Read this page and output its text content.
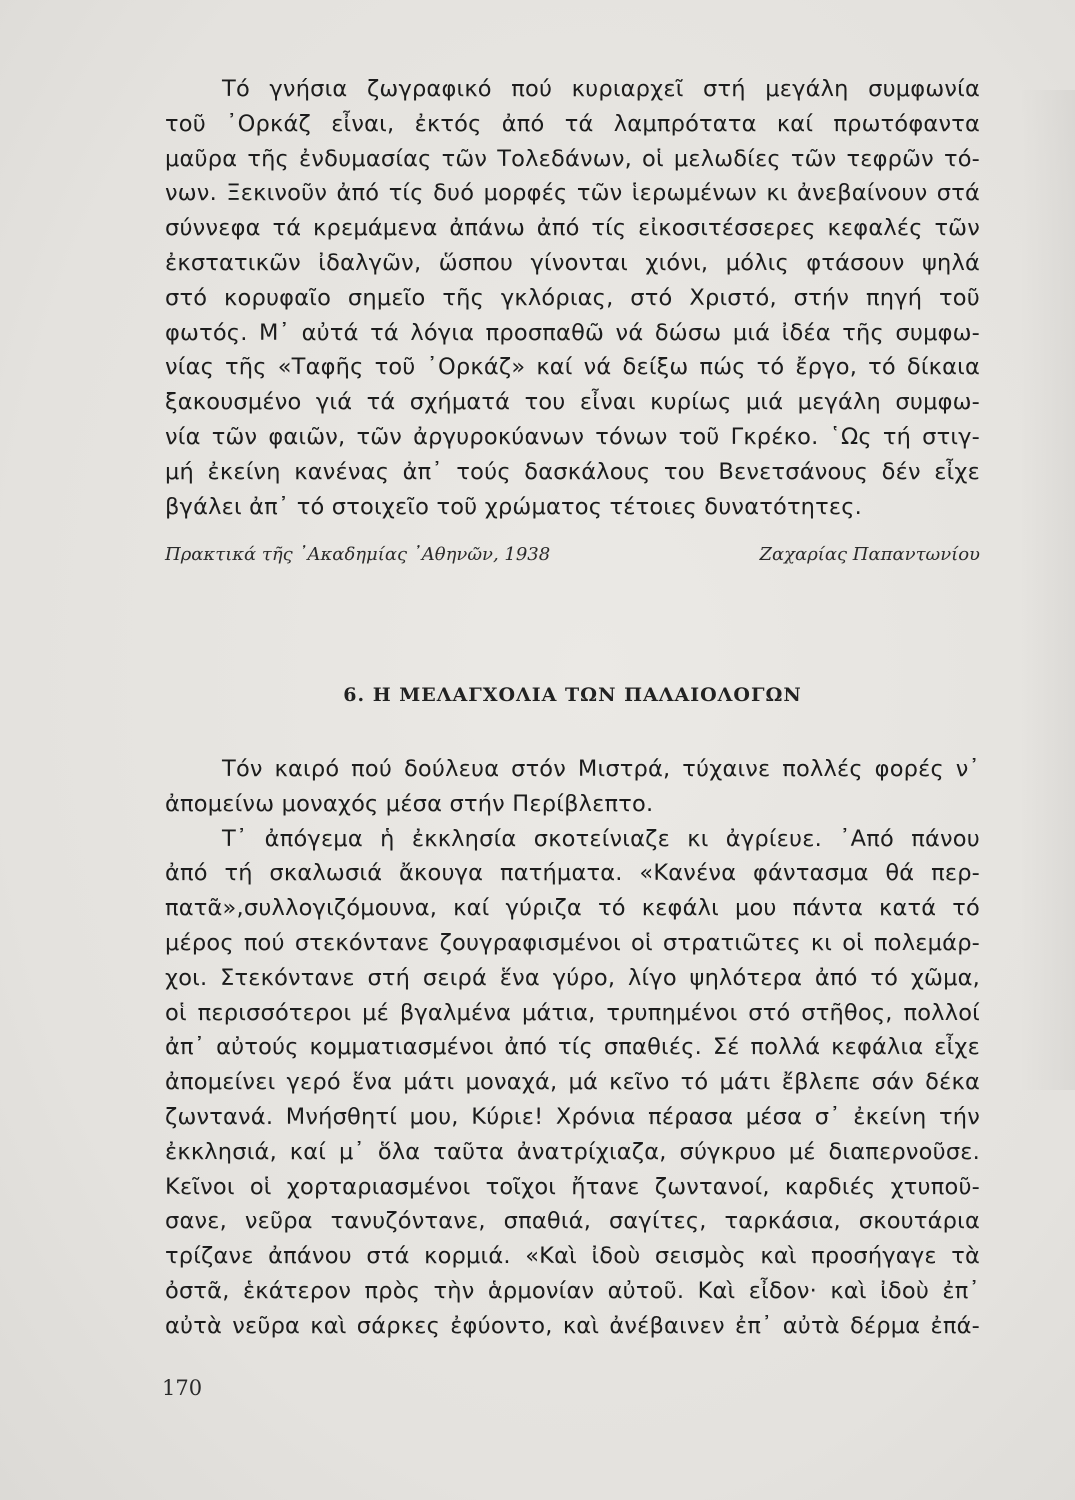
Τό γνήσια ζωγραφικό πού κυριαρχεῖ στή μεγάλη συμφωνία
τοῦ ᾿Ορκάζ εἶναι, ἐκτός ἀπό τά λαμπρότατα καί πρωτόφαντα
μαῦρα τῆς ἐνδυμασίας τῶν Τολεδάνων, οἱ μελωδίες τῶν τεφρῶν τό-
νων. Ξεκινοῦν ἀπό τίς δυό μορφές τῶν ἱερωμένων κι ἀνεβαίνουν στά
σύννεφα τά κρεμάμενα ἀπάνω ἀπό τίς εἰκοσιτέσσερες κεφαλές τῶν
ἐκστατικῶν ἰδαλγῶν, ὥσπου γίνονται χιόνι, μόλις φτάσουν ψηλά
στό κορυφαῖο σημεῖο τῆς γκλόριας, στό Χριστό, στήν πηγή τοῦ
φωτός. Μ᾿ αὐτά τά λόγια προσπαθῶ νά δώσω μιά ἰδέα τῆς συμφω-
νίας τῆς «Ταφῆς τοῦ ᾿Ορκάζ» καί νά δείξω πώς τό ἔργο, τό δίκαια
ξακουσμένο γιά τά σχήματά του εἶναι κυρίως μιά μεγάλη συμφω-
νία τῶν φαιῶν, τῶν ἀργυροκύανων τόνων τοῦ Γκρέκο. ῾Ως τή στιγ-
μή ἐκείνη κανένας ἀπ᾿ τούς δασκάλους του Βενετσάνους δέν εἶχε
βγάλει ἀπ᾿ τό στοιχεῖο τοῦ χρώματος τέτοιες δυνατότητες.
Πρακτικά τῆς ᾿Ακαδημίας ᾿Αθηνῶν, 1938	Ζαχαρίας Παπαντωνίου
6. Η ΜΕΛΑΓΧΟΛΙΑ ΤΩΝ ΠΑΛΑΙΟΛΟΓΩΝ
Τόν καιρό πού δούλευα στόν Μιστρά, τύχαινε πολλές φορές ν᾿
ἀπομείνω μοναχός μέσα στήν Περίβλεπτο.
Τ᾿ ἀπόγεμα ἡ ἐκκλησία σκοτείνιαζε κι ἀγρίευε. ᾿Από πάνου
ἀπό τή σκαλωσιά ἄκουγα πατήματα. «Κανένα φάντασμα θά περ-
πατᾶ»,συλλογιζόμουνα, καί γύριζα τό κεφάλι μου πάντα κατά τό
μέρος πού στεκόντανε ζουγραφισμένοι οἱ στρατιῶτες κι οἱ πολεμάρ-
χοι. Στεκόντανε στή σειρά ἕνα γύρο, λίγο ψηλότερα ἀπό τό χῶμα,
οἱ περισσότεροι μέ βγαλμένα μάτια, τρυπημένοι στό στῆθος, πολλοί
ἀπ᾿ αὐτούς κομματιασμένοι ἀπό τίς σπαθιές. Σέ πολλά κεφάλια εἶχε
ἀπομείνει γερό ἕνα μάτι μοναχά, μά κεῖνο τό μάτι ἔβλεπε σάν δέκα
ζωντανά. Μνήσθητί μου, Κύριε! Χρόνια πέρασα μέσα σ᾿ ἐκείνη τήν
ἐκκλησιά, καί μ᾿ ὅλα ταῦτα ἀνατρίχιαζα, σύγκρυο μέ διαπερνοῦσε.
Κεῖνοι οἱ χορταριασμένοι τοῖχοι ἤτανε ζωντανοί, καρδιές χτυποῦ-
σανε, νεῦρα τανυζόντανε, σπαθιά, σαγίτες, ταρκάσια, σκουτάρια
τρίζανε ἀπάνου στά κορμιά. «Καὶ ἰδοὺ σεισμὸς καὶ προσήγαγε τὰ
ὀστᾶ, ἑκάτερον πρὸς τὴν ἁρμονίαν αὐτοῦ. Καὶ εἶδον· καὶ ἰδοὺ ἐπ᾿
αὐτὰ νεῦρα καὶ σάρκες ἐφύοντο, καὶ ἀνέβαινεν ἐπ᾿ αὐτὰ δέρμα ἐπά-
170
